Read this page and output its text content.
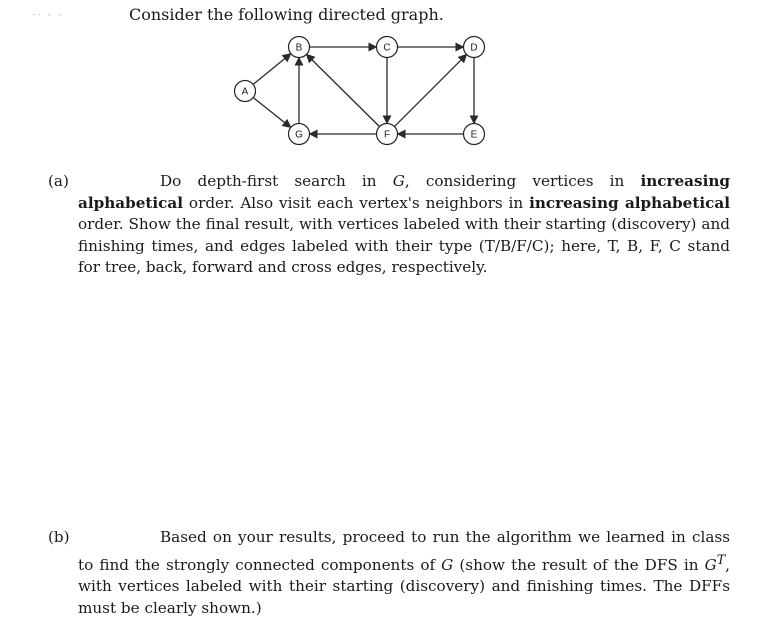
·· · ·	Consider the following directed graph.
A
B	C	D
G	F	E
(a)	Do depth-first search in G, considering vertices in increasing alphabetical order. Also visit each vertex's neighbors in increasing alphabetical order. Show the final result, with vertices labeled with their starting (discovery) and finishing times, and edges labeled with their type (T/B/F/C); here, T, B, F, C stand for tree, back, forward and cross edges, respectively.
(b)	Based on your results, proceed to run the algorithm we learned in class to find the strongly connected components of G (show the result of the DFS in $G^T$, with vertices labeled with their starting (discovery) and finishing times. The DFFs must be clearly shown.)
